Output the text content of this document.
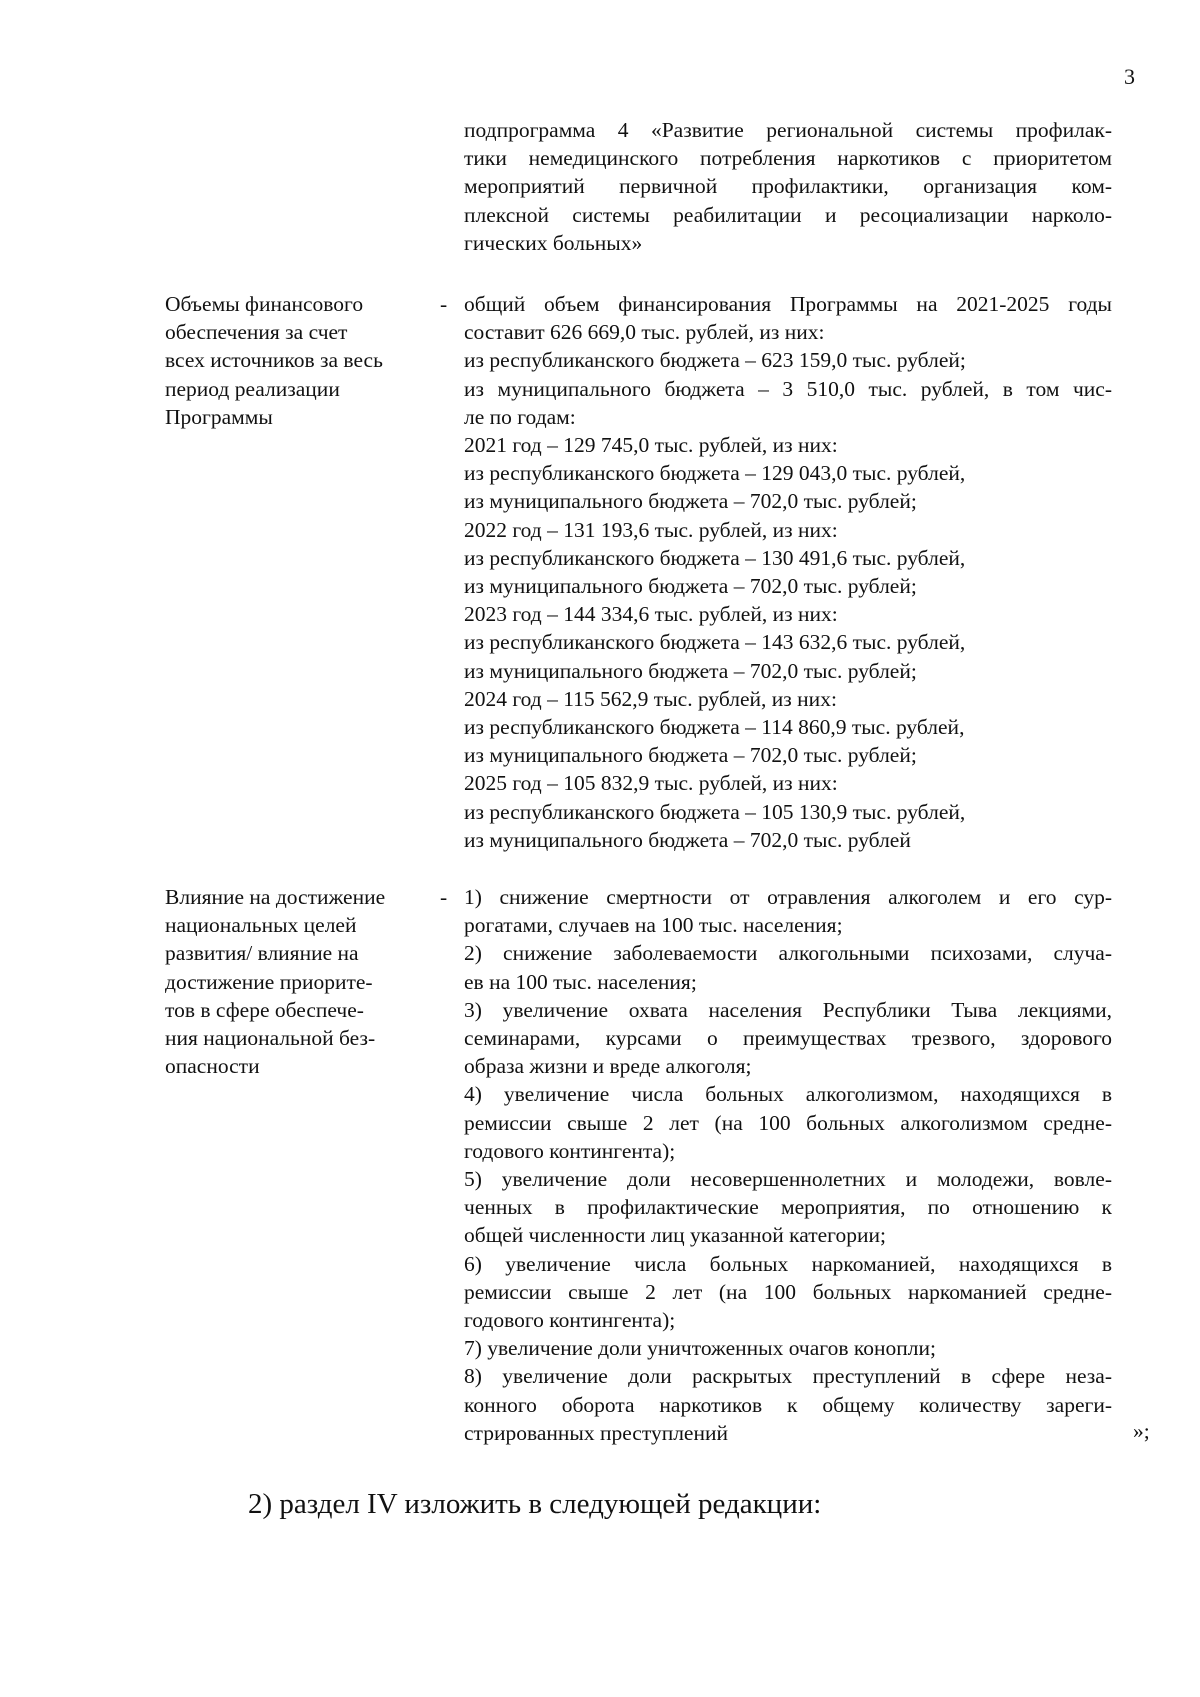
3
подпрограмма 4 «Развитие региональной системы профилак-
тики немедицинского потребления наркотиков с приоритетом
мероприятий первичной профилактики, организация ком-
плексной системы реабилитации и ресоциализации нарколо-
гических больных»
Объемы финансового
обеспечения за счет
всех источников за весь
период реализации
Программы
- общий объем финансирования Программы на 2021-2025 годы
составит 626 669,0 тыс. рублей, из них:
из республиканского бюджета – 623 159,0 тыс. рублей;
из муниципального бюджета – 3 510,0 тыс. рублей, в том чис-
ле по годам:
2021 год – 129 745,0 тыс. рублей, из них:
из республиканского бюджета – 129 043,0 тыс. рублей,
из муниципального бюджета – 702,0 тыс. рублей;
2022 год – 131 193,6 тыс. рублей, из них:
из республиканского бюджета – 130 491,6 тыс. рублей,
из муниципального бюджета – 702,0 тыс. рублей;
2023 год – 144 334,6 тыс. рублей, из них:
из республиканского бюджета – 143 632,6 тыс. рублей,
из муниципального бюджета – 702,0 тыс. рублей;
2024 год – 115 562,9 тыс. рублей, из них:
из республиканского бюджета – 114 860,9 тыс. рублей,
из муниципального бюджета – 702,0 тыс. рублей;
2025 год – 105 832,9 тыс. рублей, из них:
из республиканского бюджета – 105 130,9 тыс. рублей,
из муниципального бюджета – 702,0 тыс. рублей
Влияние на достижение
национальных целей
развития/ влияние на
достижение приорите-
тов в сфере обеспече-
ния национальной без-
опасности
- 1) снижение смертности от отравления алкоголем и его сур-
рогатами, случаев на 100 тыс. населения;
2) снижение заболеваемости алкогольными психозами, случа-
ев на 100 тыс. населения;
3) увеличение охвата населения Республики Тыва лекциями,
семинарами, курсами о преимуществах трезвого, здорового
образа жизни и вреде алкоголя;
4) увеличение числа больных алкоголизмом, находящихся в
ремиссии свыше 2 лет (на 100 больных алкоголизмом средне-
годового контингента);
5) увеличение доли несовершеннолетних и молодежи, вовле-
ченных в профилактические мероприятия, по отношению к
общей численности лиц указанной категории;
6) увеличение числа больных наркоманией, находящихся в
ремиссии свыше 2 лет (на 100 больных наркоманией средне-
годового контингента);
7) увеличение доли уничтоженных очагов конопли;
8) увеличение доли раскрытых преступлений в сфере неза-
конного оборота наркотиков к общему количеству зареги-
стрированных преступлений	»;
2) раздел IV изложить в следующей редакции:
